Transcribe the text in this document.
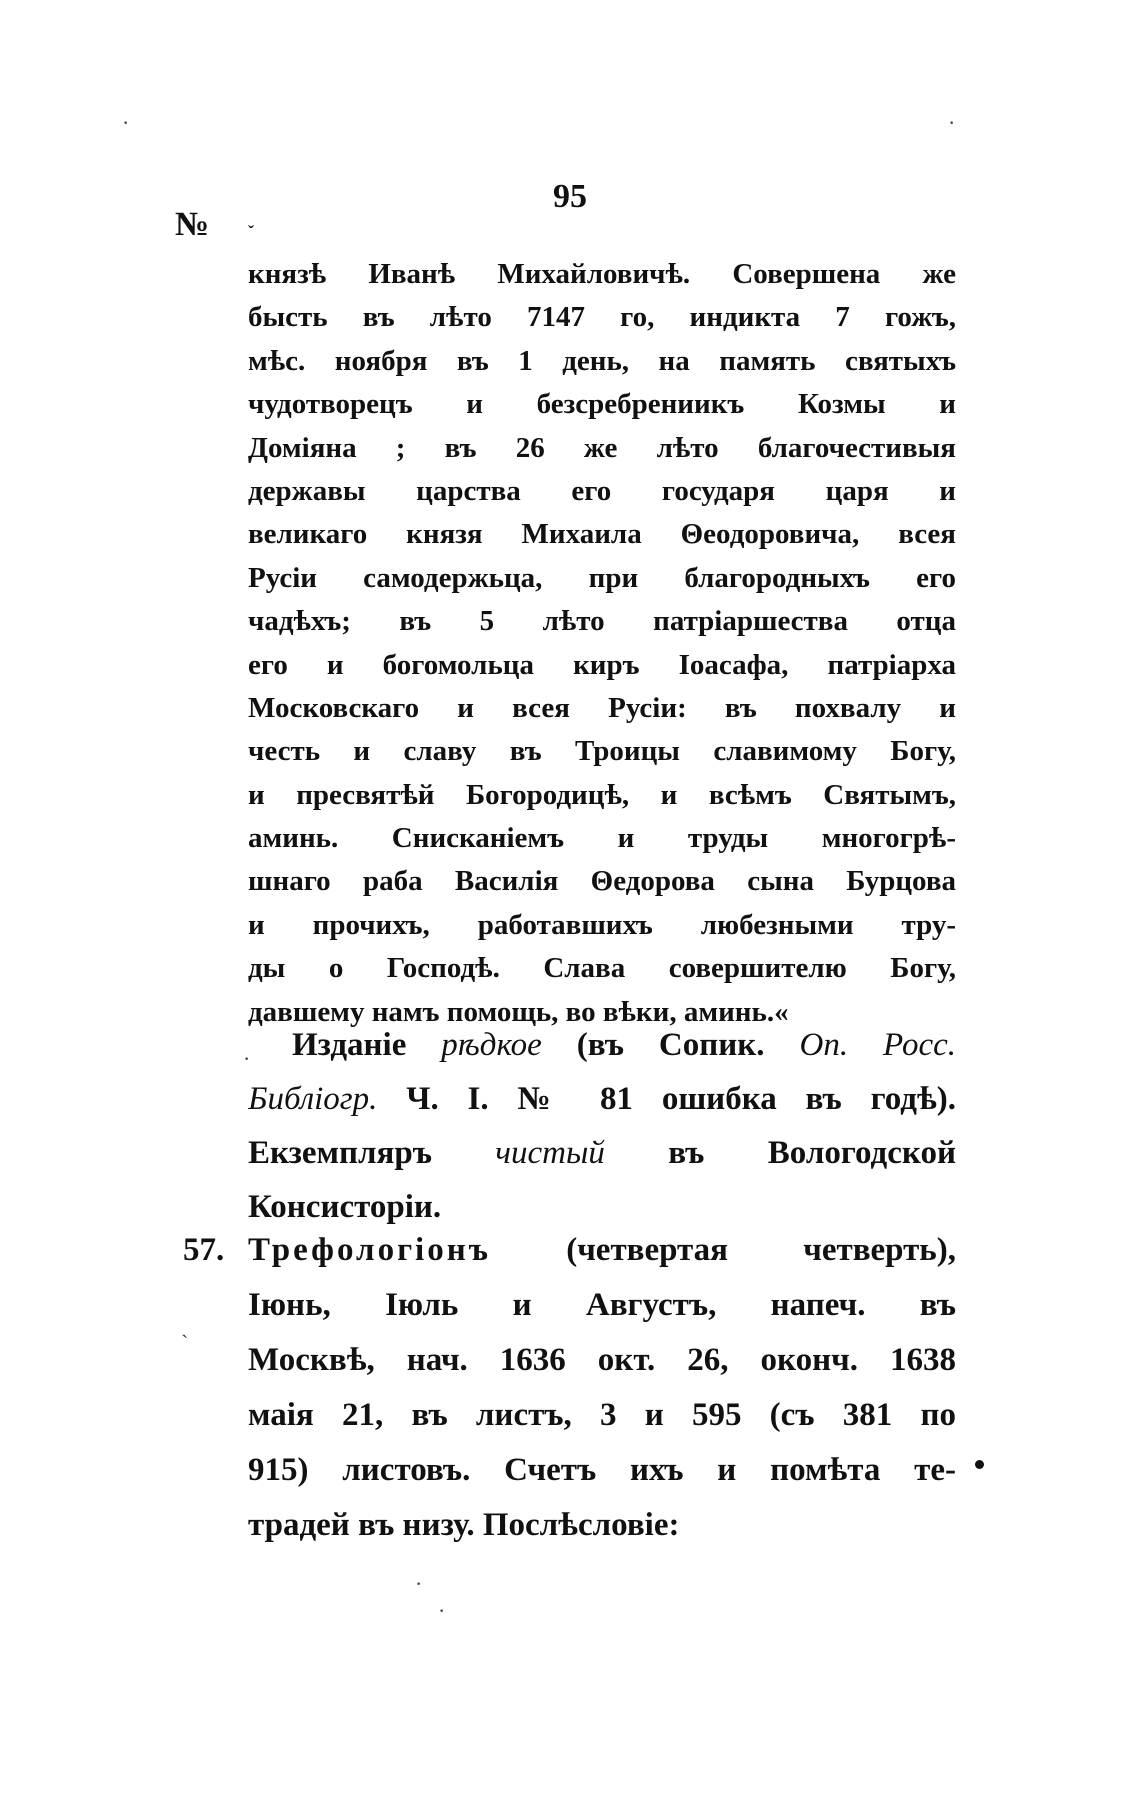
95
№ ˇ
·	·
·
ˏ
·
·
князѣ Иванѣ Михайловичѣ. Совершена же
бысть въ лѣто 7147 го, индикта 7 гожъ,
мѣс. ноября въ 1 день, на память святыхъ
чудотворецъ и безсребрениикъ Козмы и
Доміяна ; въ 26 же лѣто благочестивыя
державы царства его государя царя и
великаго князя Михаила Θеодоровича, всея
Русіи самодержьца, при благородныхъ его
чадѣхъ; въ 5 лѣто патріаршества отца
его и богомольца киръ Іоасафа, патріарха
Московскаго и всея Русіи: въ похвалу и
честь и славу въ Троицы славимому Богу,
и пресвятѣй Богородицѣ, и всѣмъ Святымъ,
аминь. Снисканіемъ и труды многогрѣ-
шнаго раба Василія Θедорова сына Бурцова
и прочихъ, работавшихъ любезными тру-
ды о Господѣ. Слава совершителю Богу,
давшему намъ помощь, во вѣки, аминь.«
Изданіе рѣдкое (въ Сопик. Оп. Росс.
Библіогр. Ч. I. № 81 ошибка въ годѣ).
Екземпляръ чистый въ Вологодской
Консисторіи.
57. Трефологіонъ (четвертая четверть),
Іюнь, Іюль и Августъ, напеч. въ
Москвѣ, нач. 1636 окт. 26, оконч. 1638
маія 21, въ листъ, 3 и 595 (съ 381 по
915) листовъ. Счетъ ихъ и помѣта те-
традей въ низу. Послѣсловіе:
